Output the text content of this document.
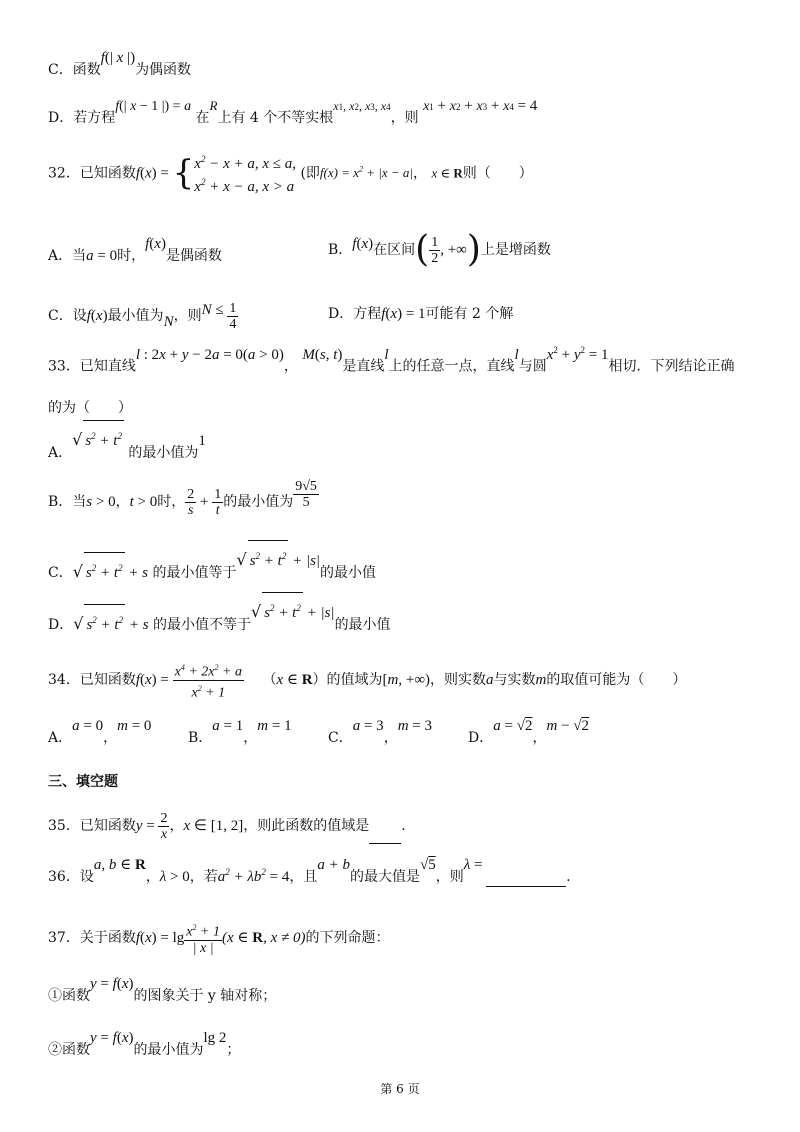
C．函数f(| x |)为偶函数
D．若方程f(| x − 1 |) = a 在R上有 4 个不等实根$x^1$, $x^2$, $x^3$, $x^4$，则 $x^1 + x^2 + x^3 + x^4 = 4$
32．已知函数f(x) = { $x^2 - x + a$, x ≤ a,
$x^2 + x - a$, x > a
(即$f(x) = x^2 + |x - a|$， x ∈ R则（　　）
A．当a = 0时，f(x)是偶函数	B．f(x)在区间( $\frac{1}{2}$ , +∞)上是增函数
C．设f(x)最小值为N，则$N \le \frac{1}{4}$	D．方程f(x) = 1可能有 2 个解
33．已知直线l : 2x + y − 2a = 0(a > 0)， M(s, t)是直线l上的任意一点，直线l与圆$x^2 + y^2 = 1$相切．下列结论正确
的为（　　）
A．√ $s^2 + t^2$ 的最小值为1
B．当s > 0，t > 0时， $\frac{2}{s} + \frac{1}{t}$ 的最小值为 $\frac{9√5}{5}$
C．√ $s^2 + t^2 + s$ 的最小值等于√ $s^2 + t^2 + |s|$的最小值
D．√ $s^2 + t^2 + s$ 的最小值不等于√ $s^2 + t^2 + |s|$的最小值
34．已知函数$f(x) = \frac{x^4 + 2x^2 + a}{x^2 + 1}$
　 （x ∈ R）的值域为[m, +∞)，则实数a与实数m的取值可能为（　　）
A．a = 0，m = 0
B．a = 1，m = 1
C．a = 3，m = 3
D．a = √2，m − √2
三、填空题
35．已知函数$y = \frac{2}{x}$ ，x ∈ [1, 2]，则此函数的值域是 .
36．设a, b ∈ R，λ > 0，若$a^2 + \lambda b^2 = 4$，且a + b的最大值是√5，则λ = .
37．关于函数$f(x) = \lg \frac{x^2 + 1}{| x |} (x$ ∈ R, x ≠ 0)的下列命题：
①函数y = f(x)的图象关于 y 轴对称；
②函数y = f(x)的最小值为lg 2；
第 6 页
